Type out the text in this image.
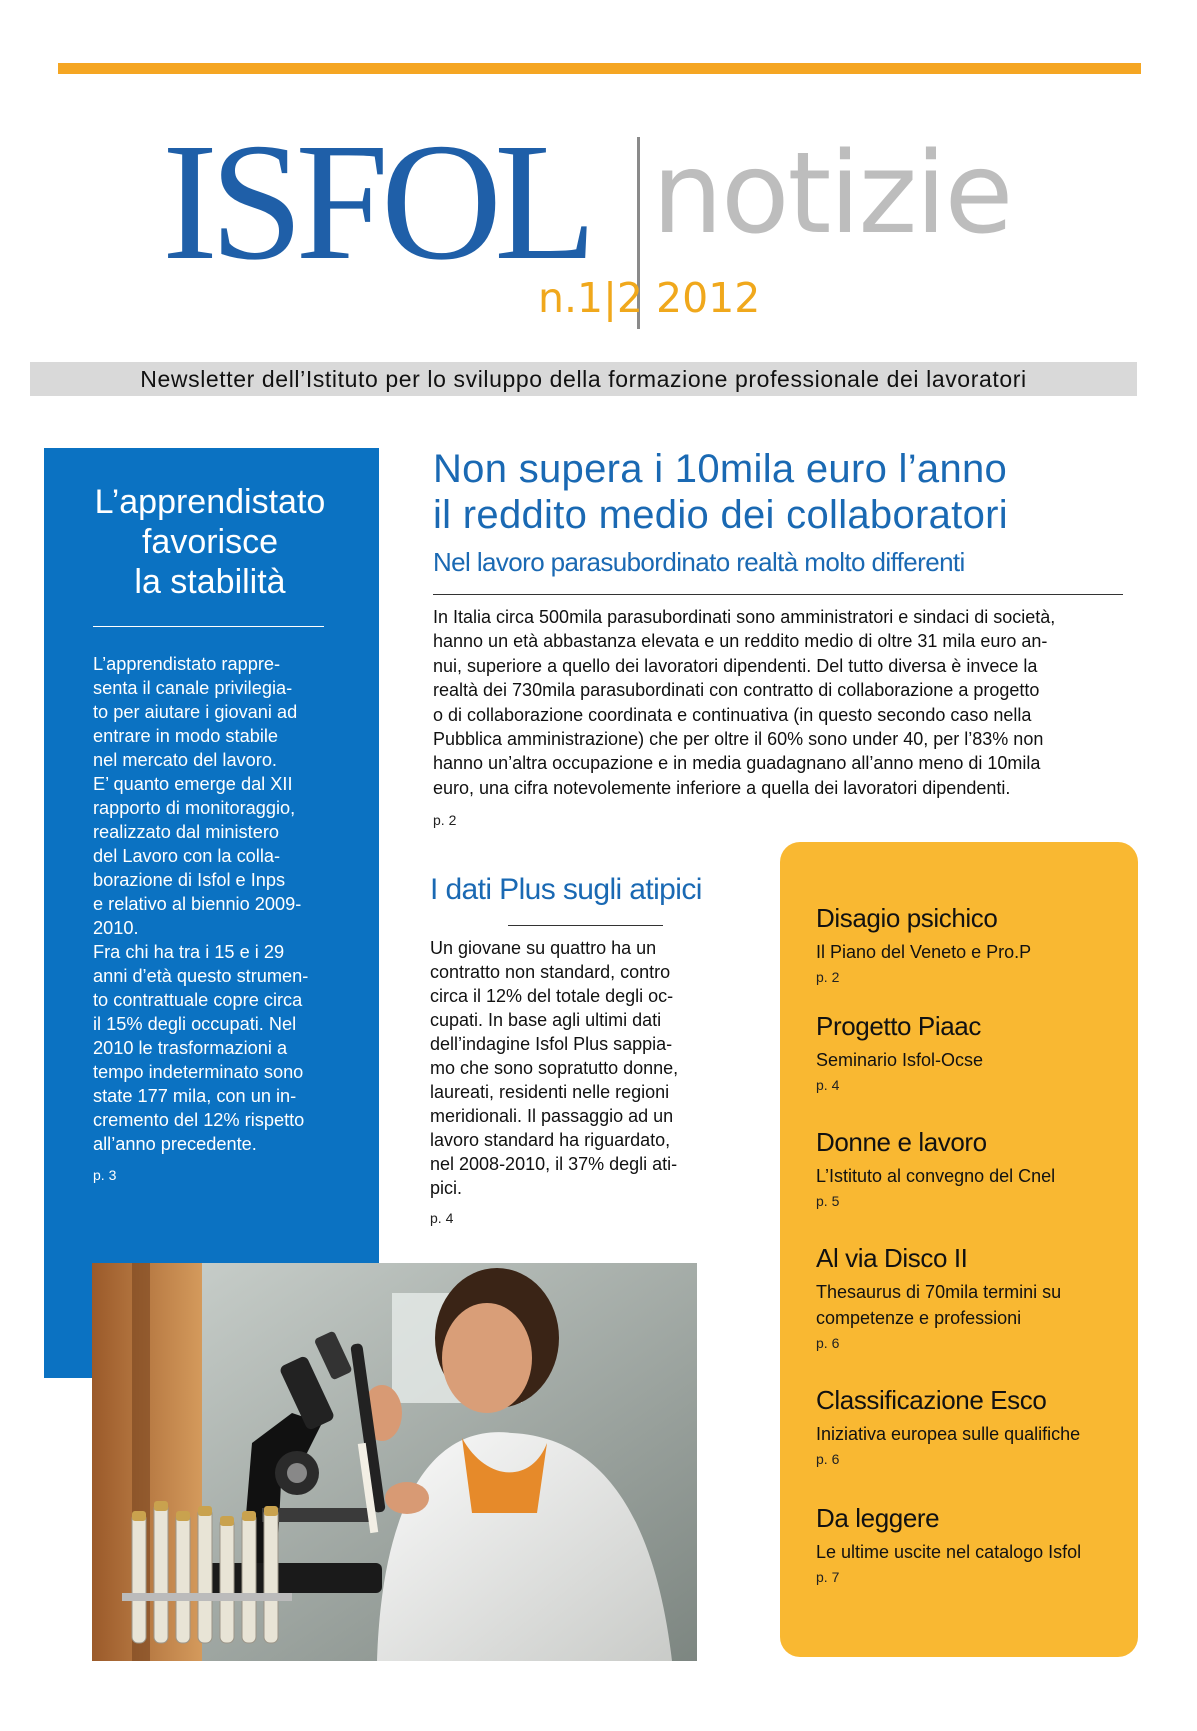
ISFOL notizie
n.1|2 2012
Newsletter dell’Istituto per lo sviluppo della formazione professionale dei lavoratori
L’apprendistato
favorisce
la stabilità
L’apprendistato rappre-
senta il canale privilegia-
to per aiutare i giovani ad
entrare in modo stabile
nel mercato del lavoro.
E’ quanto emerge dal XII
rapporto di monitoraggio,
realizzato dal ministero
del Lavoro con la colla-
borazione di Isfol e Inps
e relativo al biennio 2009-
2010.
Fra chi ha tra i 15 e i 29
anni d’età questo strumen-
to contrattuale copre circa
il 15% degli occupati. Nel
2010 le trasformazioni a
tempo indeterminato sono
state 177 mila, con un in-
cremento del 12% rispetto
all’anno precedente.
p. 3
Non supera i 10mila euro l’anno
il reddito medio dei collaboratori
Nel lavoro parasubordinato realtà molto differenti
In Italia circa 500mila parasubordinati sono amministratori e sindaci di società,
hanno un età abbastanza elevata e un reddito medio di oltre 31 mila euro an-
nui, superiore a quello dei lavoratori dipendenti. Del tutto diversa è invece la
realtà dei 730mila parasubordinati con contratto di collaborazione a progetto
o di collaborazione coordinata e continuativa (in questo secondo caso nella
Pubblica amministrazione) che per oltre il 60% sono under 40, per l’83% non
hanno un’altra occupazione e in media guadagnano all’anno meno di 10mila
euro, una cifra notevolemente inferiore a quella dei lavoratori dipendenti.
p. 2
I dati Plus sugli atipici
Un giovane su quattro ha un
contratto non standard, contro
circa il 12% del totale degli oc-
cupati. In base agli ultimi dati
dell’indagine Isfol Plus sappia-
mo che sono sopratutto donne,
laureati, residenti nelle regioni
meridionali. Il passaggio ad un
lavoro standard ha riguardato,
nel 2008-2010, il 37% degli ati-
pici.
p. 4
Disagio psichico
Il Piano del Veneto e Pro.P
p. 2
Progetto Piaac
Seminario Isfol-Ocse
p. 4
Donne e lavoro
L’Istituto al convegno del Cnel
p. 5
Al via Disco II
Thesaurus di 70mila termini su competenze e professioni
p. 6
Classificazione Esco
Iniziativa europea sulle qualifiche
p. 6
Da leggere
Le ultime uscite nel catalogo Isfol
p. 7
